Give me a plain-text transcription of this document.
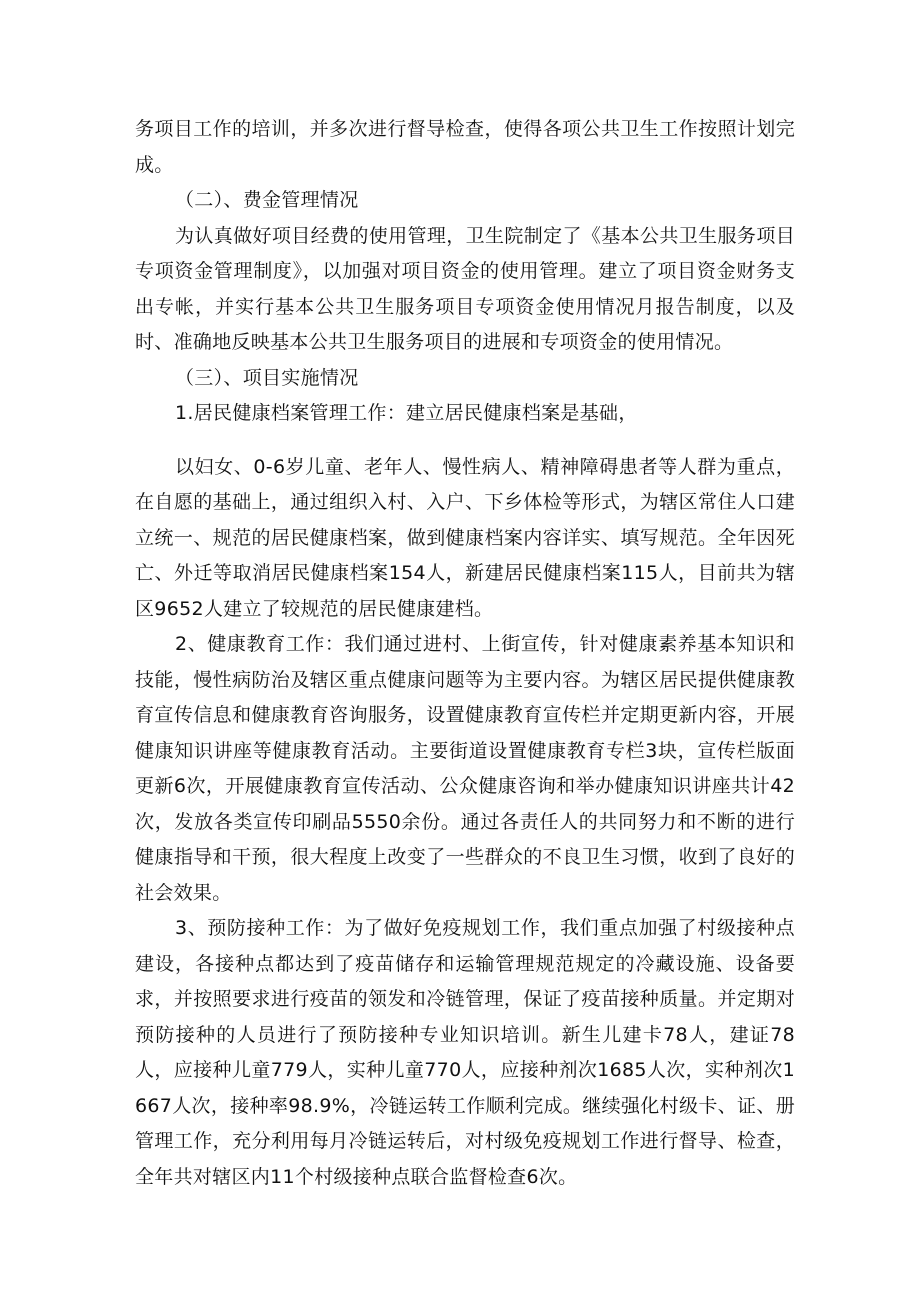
务项目工作的培训，并多次进行督导检查，使得各项公共卫生工作按照计划完成。

（二）、费金管理情况

为认真做好项目经费的使用管理，卫生院制定了《基本公共卫生服务项目专项资金管理制度》，以加强对项目资金的使用管理。建立了项目资金财务支出专帐，并实行基本公共卫生服务项目专项资金使用情况月报告制度，以及时、准确地反映基本公共卫生服务项目的进展和专项资金的使用情况。

（三）、项目实施情况

1.居民健康档案管理工作：建立居民健康档案是基础，

以妇女、0-6岁儿童、老年人、慢性病人、精神障碍患者等人群为重点，在自愿的基础上，通过组织入村、入户、下乡体检等形式，为辖区常住人口建立统一、规范的居民健康档案，做到健康档案内容详实、填写规范。全年因死亡、外迁等取消居民健康档案154人，新建居民健康档案115人，目前共为辖区9652人建立了较规范的居民健康建档。

2、健康教育工作：我们通过进村、上街宣传，针对健康素养基本知识和技能，慢性病防治及辖区重点健康问题等为主要内容。为辖区居民提供健康教育宣传信息和健康教育咨询服务，设置健康教育宣传栏并定期更新内容，开展健康知识讲座等健康教育活动。主要街道设置健康教育专栏3块，宣传栏版面更新6次，开展健康教育宣传活动、公众健康咨询和举办健康知识讲座共计42次，发放各类宣传印刷品5550余份。通过各责任人的共同努力和不断的进行健康指导和干预，很大程度上改变了一些群众的不良卫生习惯，收到了良好的社会效果。

3、预防接种工作：为了做好免疫规划工作，我们重点加强了村级接种点建设，各接种点都达到了疫苗储存和运输管理规范规定的冷藏设施、设备要求，并按照要求进行疫苗的领发和冷链管理，保证了疫苗接种质量。并定期对预防接种的人员进行了预防接种专业知识培训。新生儿建卡78人，建证78人，应接种儿童779人，实种儿童770人，应接种剂次1685人次，实种剂次1667人次，接种率98.9%，冷链运转工作顺利完成。继续强化村级卡、证、册管理工作，充分利用每月冷链运转后，对村级免疫规划工作进行督导、检查，全年共对辖区内11个村级接种点联合监督检查6次。
